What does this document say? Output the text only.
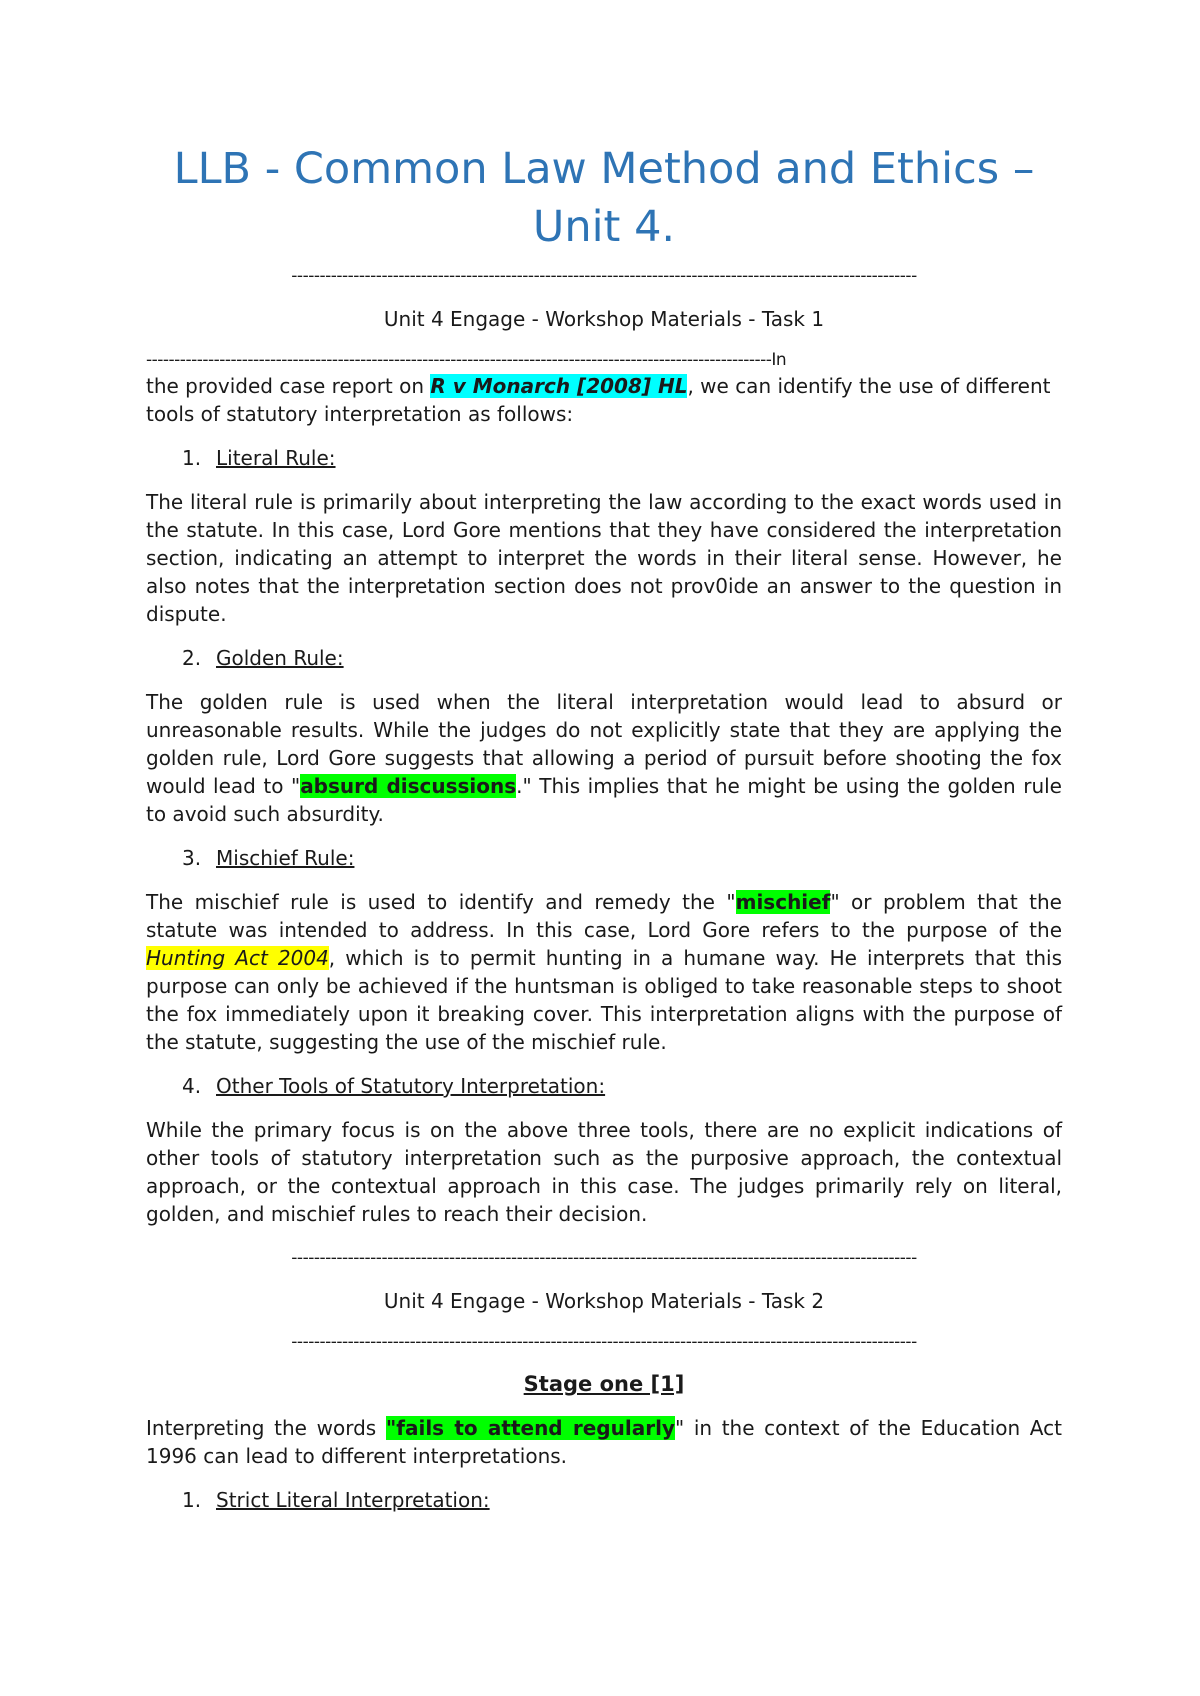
LLB - Common Law Method and Ethics –
Unit 4.
---------------------------------------------------------------------------------------------------------------
Unit 4 Engage - Workshop Materials - Task 1
---------------------------------------------------------------------------------------------------------------In

the provided case report on R v Monarch [2008] HL, we can identify the use of different tools of statutory interpretation as follows:

1. Literal Rule:

The literal rule is primarily about interpreting the law according to the exact words used in the statute. In this case, Lord Gore mentions that they have considered the interpretation section, indicating an attempt to interpret the words in their literal sense. However, he also notes that the interpretation section does not prov0ide an answer to the question in dispute.

2. Golden Rule:

The golden rule is used when the literal interpretation would lead to absurd or unreasonable results. While the judges do not explicitly state that they are applying the golden rule, Lord Gore suggests that allowing a period of pursuit before shooting the fox would lead to "absurd discussions." This implies that he might be using the golden rule to avoid such absurdity.

3. Mischief Rule:

The mischief rule is used to identify and remedy the "mischief" or problem that the statute was intended to address. In this case, Lord Gore refers to the purpose of the Hunting Act 2004, which is to permit hunting in a humane way. He interprets that this purpose can only be achieved if the huntsman is obliged to take reasonable steps to shoot the fox immediately upon it breaking cover. This interpretation aligns with the purpose of the statute, suggesting the use of the mischief rule.

4. Other Tools of Statutory Interpretation:

While the primary focus is on the above three tools, there are no explicit indications of other tools of statutory interpretation such as the purposive approach, the contextual approach, or the contextual approach in this case. The judges primarily rely on literal, golden, and mischief rules to reach their decision.

---------------------------------------------------------------------------------------------------------------
Unit 4 Engage - Workshop Materials - Task 2
---------------------------------------------------------------------------------------------------------------
Stage one [1]

Interpreting the words "fails to attend regularly" in the context of the Education Act 1996 can lead to different interpretations.

1. Strict Literal Interpretation:
